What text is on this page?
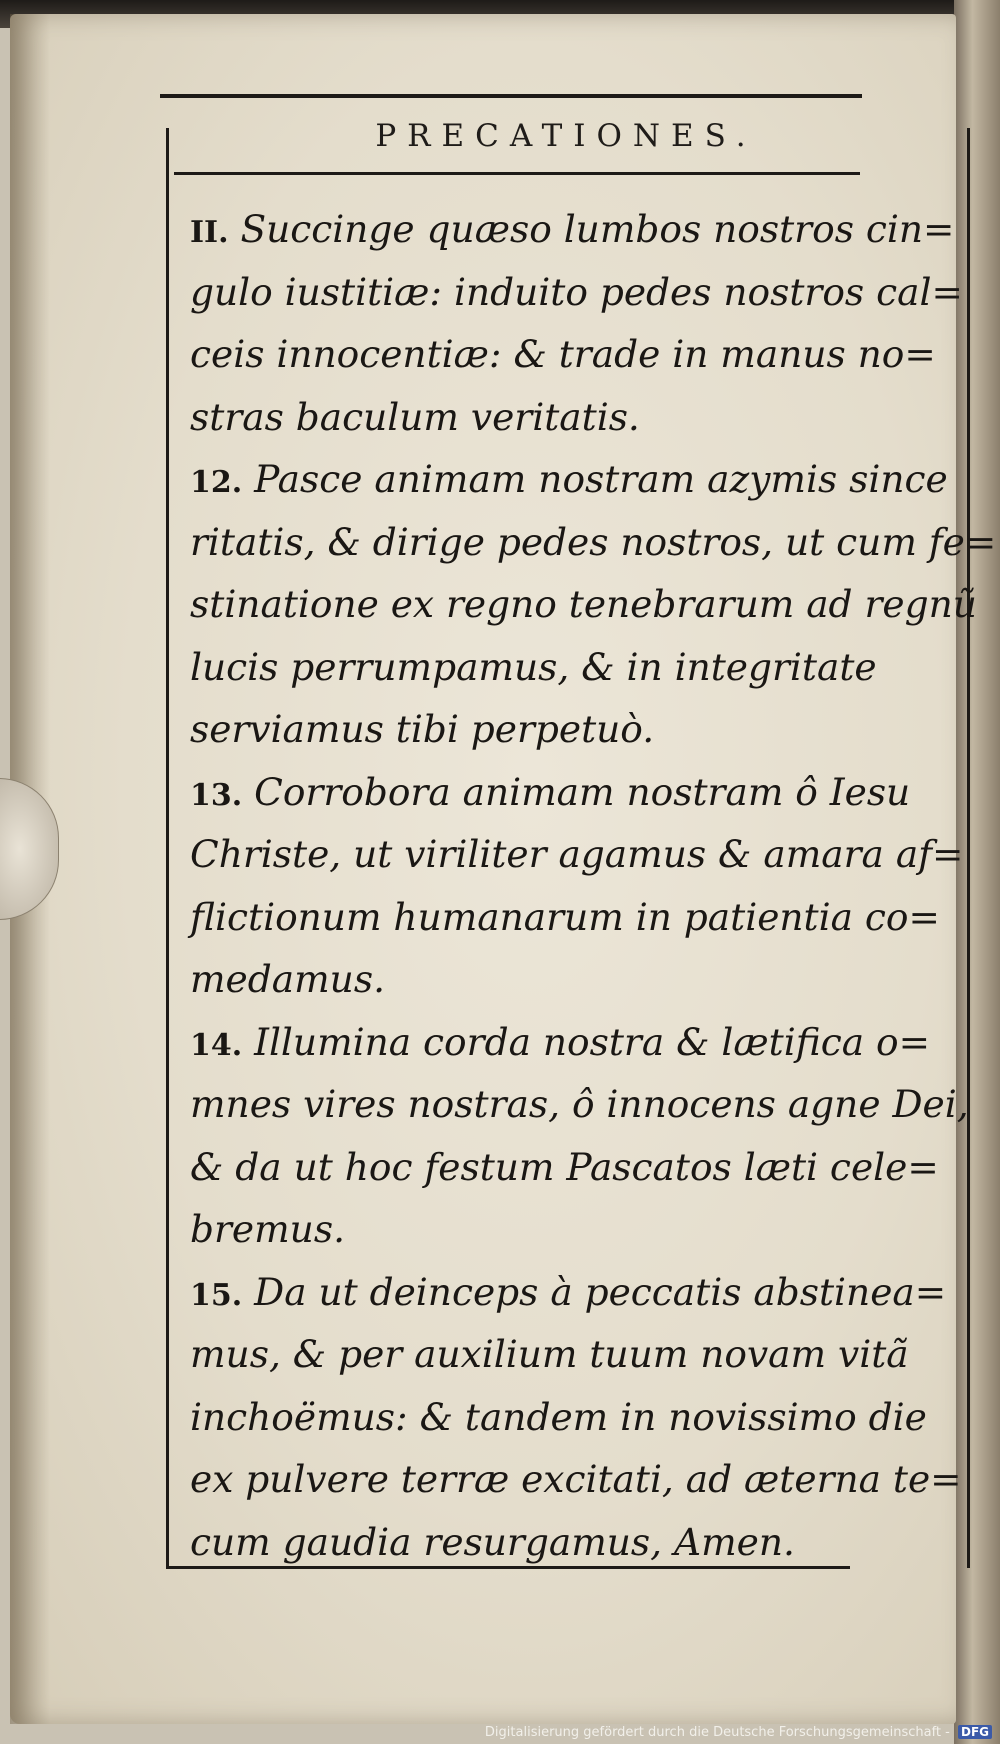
PRECATIONES.
II. Succinge quæso lumbos nostros cin=
gulo iustitiæ: induito pedes nostros cal=
ceis innocentiæ: & trade in manus no=
stras baculum veritatis.
12. Pasce animam nostram azymis since
ritatis, & dirige pedes nostros, ut cum fe=
stinatione ex regno tenebrarum ad regnũ
lucis perrumpamus, & in integritate
serviamus tibi perpetuò.
13. Corrobora animam nostram ô Iesu
Christe, ut viriliter agamus & amara af=
flictionum humanarum in patientia co=
medamus.
14. Illumina corda nostra & lætifica o=
mnes vires nostras, ô innocens agne Dei,
& da ut hoc festum Pascatos læti cele=
bremus.
15. Da ut deinceps à peccatis abstinea=
mus, & per auxilium tuum novam vitã
inchoëmus: & tandem in novissimo die
ex pulvere terræ excitati, ad æterna te=
cum gaudia resurgamus, Amen.
Digitalisierung gefördert durch die Deutsche Forschungsgemeinschaft - DFG
